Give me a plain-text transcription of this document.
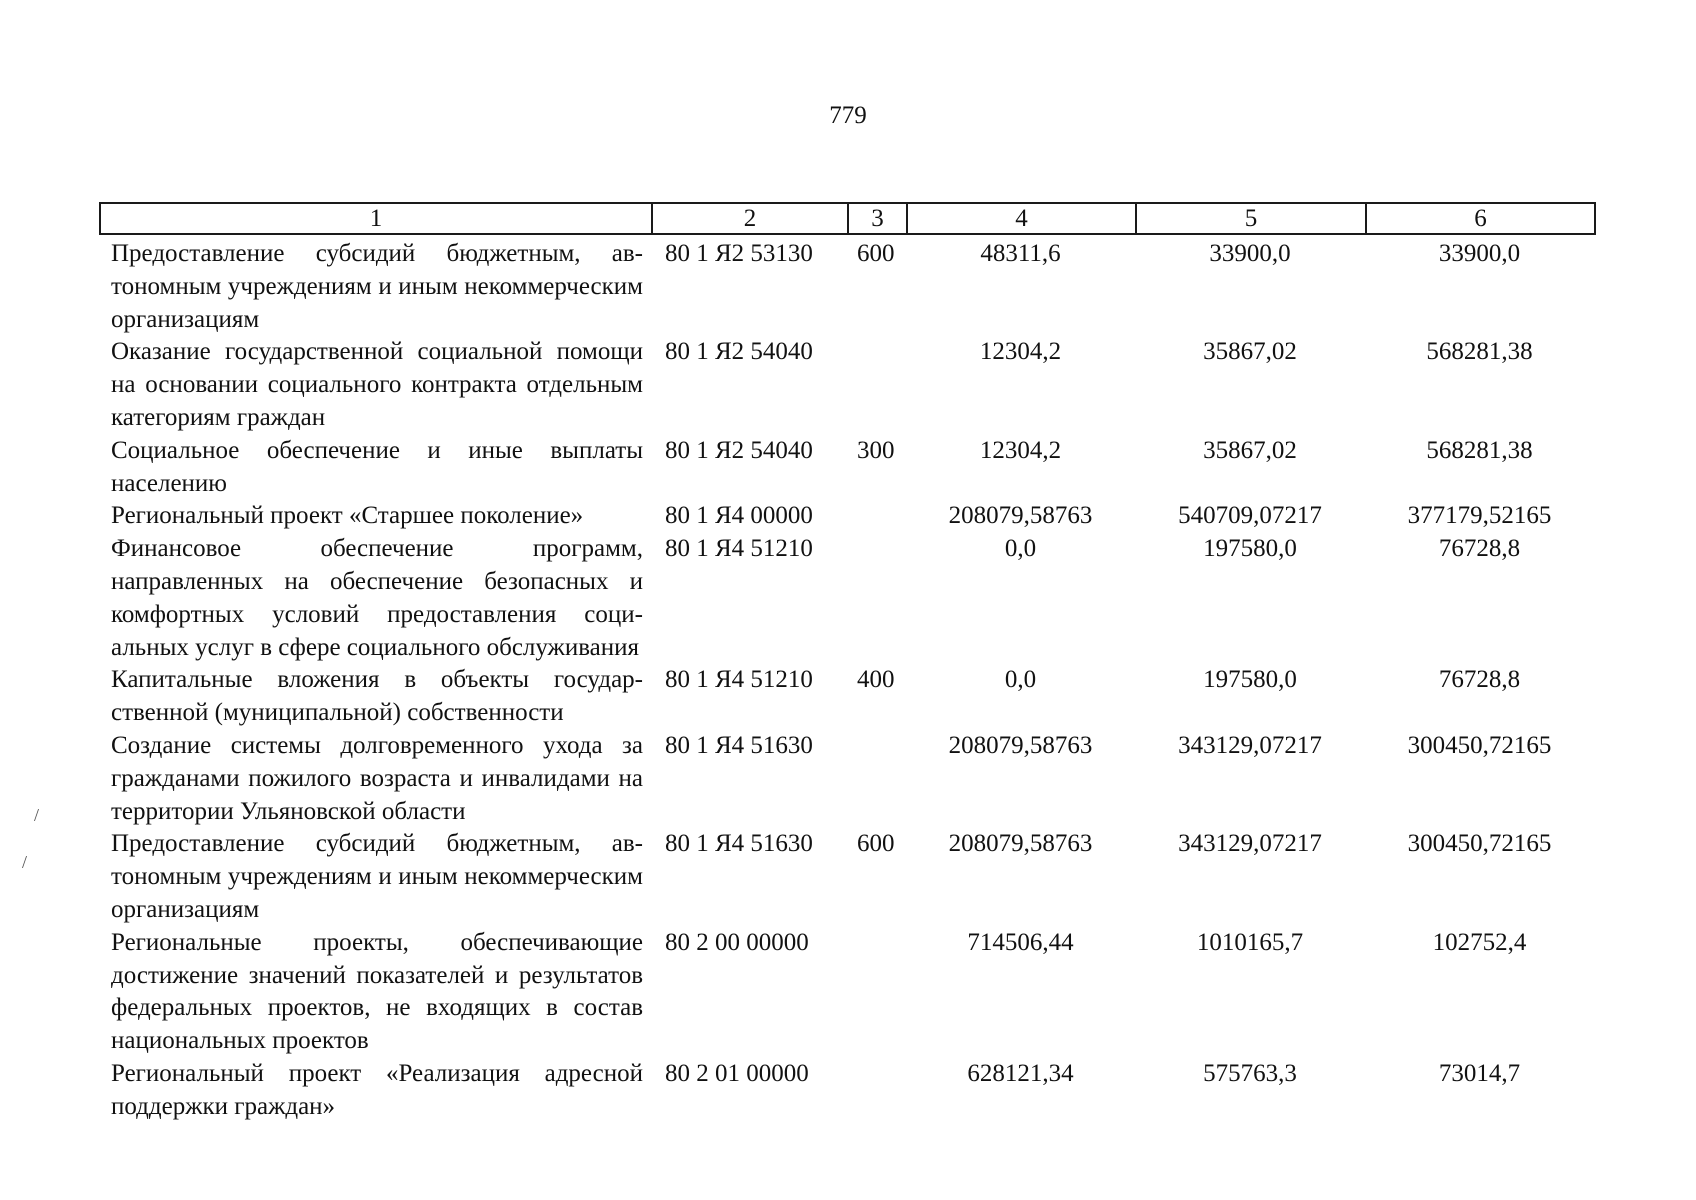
779
1	2	3	4	5	6
Предоставление субсидий бюджетным, автономным учреждениям и иным некоммерческим организациям	80 1 Я2 53130	600	48311,6	33900,0	33900,0
Оказание государственной социальной помощи на основании социального контракта отдельным категориям граждан	80 1 Я2 54040		12304,2	35867,02	568281,38
Социальное обеспечение и иные выплаты населению	80 1 Я2 54040	300	12304,2	35867,02	568281,38
Региональный проект «Старшее поколение»	80 1 Я4 00000		208079,58763	540709,07217	377179,52165
Финансовое обеспечение программ, направленных на обеспечение безопасных и комфортных условий предоставления социальных услуг в сфере социального обслуживания	80 1 Я4 51210		0,0	197580,0	76728,8
Капитальные вложения в объекты государственной (муниципальной) собственности	80 1 Я4 51210	400	0,0	197580,0	76728,8
Создание системы долговременного ухода за гражданами пожилого возраста и инвалидами на территории Ульяновской области	80 1 Я4 51630		208079,58763	343129,07217	300450,72165
Предоставление субсидий бюджетным, автономным учреждениям и иным некоммерческим организациям	80 1 Я4 51630	600	208079,58763	343129,07217	300450,72165
Региональные проекты, обеспечивающие достижение значений показателей и результатов федеральных проектов, не входящих в состав национальных проектов	80 2 00 00000		714506,44	1010165,7	102752,4
Региональный проект «Реализация адресной поддержки граждан»	80 2 01 00000		628121,34	575763,3	73014,7
/
/
